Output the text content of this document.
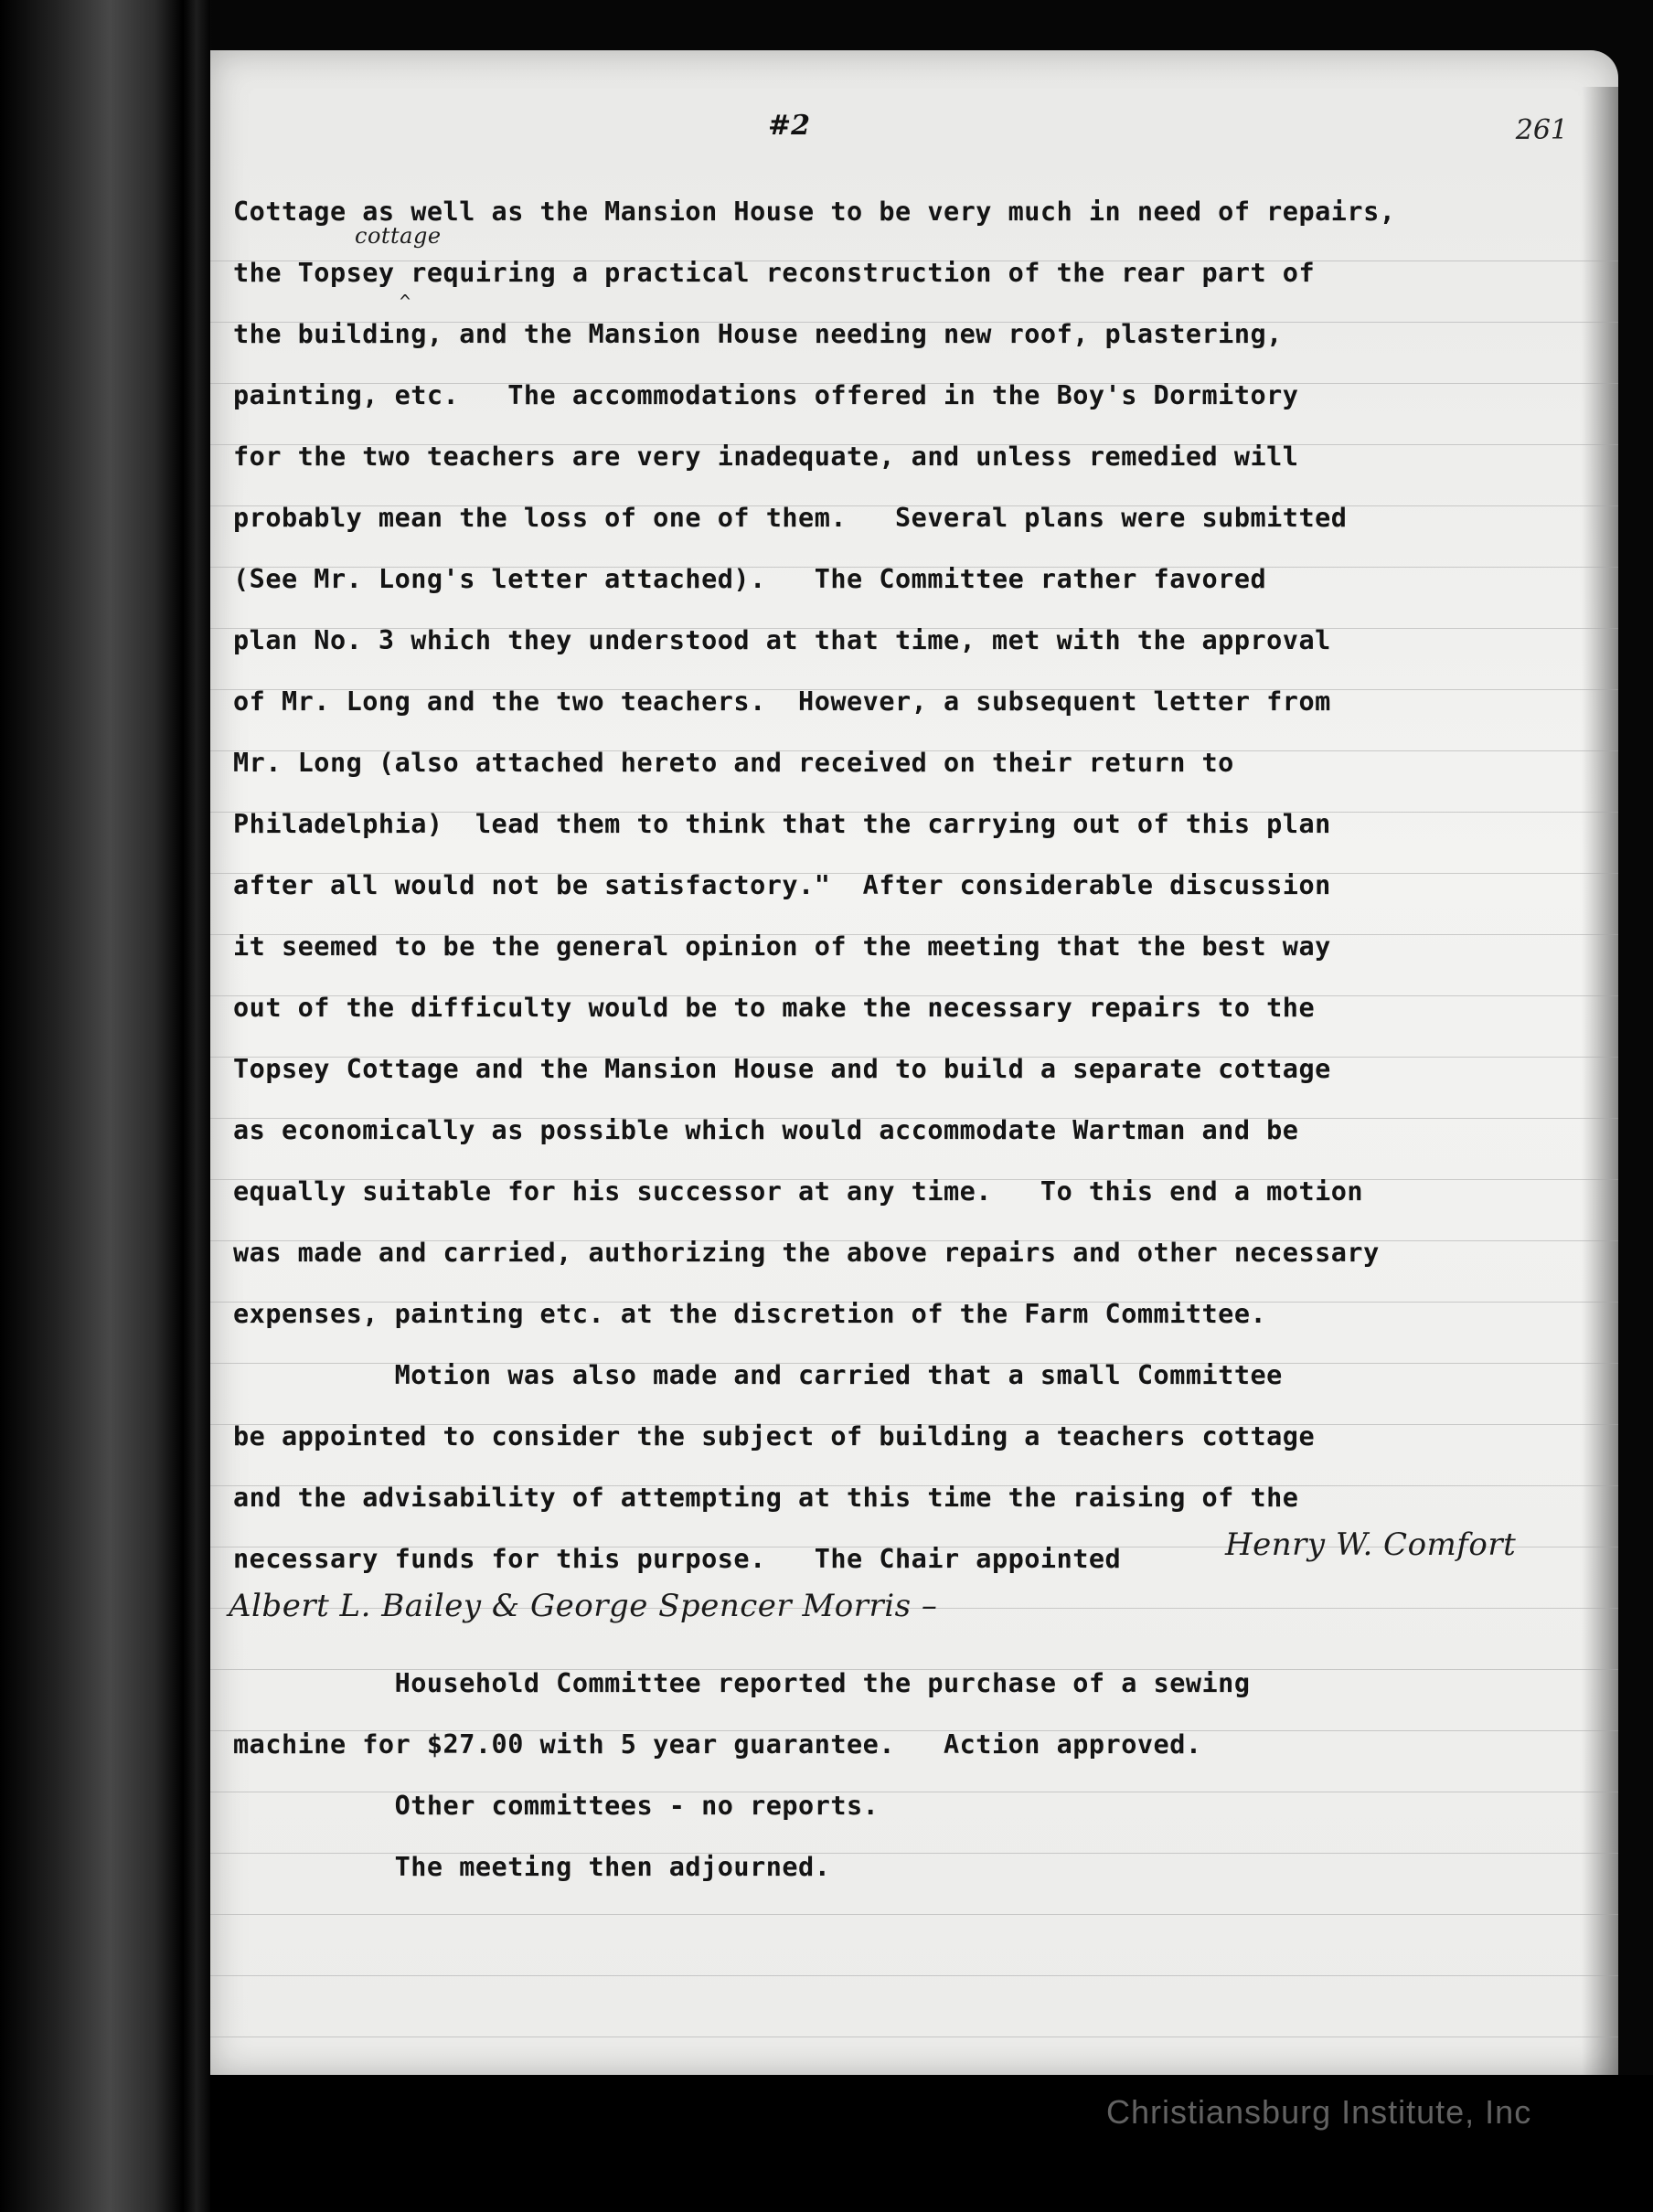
#2	261
Cottage as well as the Mansion House to be very much in need of repairs,
the Topsey requiring a practical reconstruction of the rear part of
cottage
^
the building, and the Mansion House needing new roof, plastering,
painting, etc.   The accommodations offered in the Boy's Dormitory
for the two teachers are very inadequate, and unless remedied will
probably mean the loss of one of them.   Several plans were submitted
(See Mr. Long's letter attached).   The Committee rather favored
plan No. 3 which they understood at that time, met with the approval
of Mr. Long and the two teachers.  However, a subsequent letter from
Mr. Long (also attached hereto and received on their return to
Philadelphia)  lead them to think that the carrying out of this plan
after all would not be satisfactory."  After considerable discussion
it seemed to be the general opinion of the meeting that the best way
out of the difficulty would be to make the necessary repairs to the
Topsey Cottage and the Mansion House and to build a separate cottage
as economically as possible which would accommodate Wartman and be
equally suitable for his successor at any time.   To this end a motion
was made and carried, authorizing the above repairs and other necessary
expenses, painting etc. at the discretion of the Farm Committee.
Motion was also made and carried that a small Committee
be appointed to consider the subject of building a teachers cottage
and the advisability of attempting at this time the raising of the
necessary funds for this purpose.   The Chair appointed	Henry W. Comfort
Albert L. Bailey & George Spencer Morris –
Household Committee reported the purchase of a sewing
machine for $27.00 with 5 year guarantee.   Action approved.
Other committees - no reports.
The meeting then adjourned.
Christiansburg Institute, Inc
